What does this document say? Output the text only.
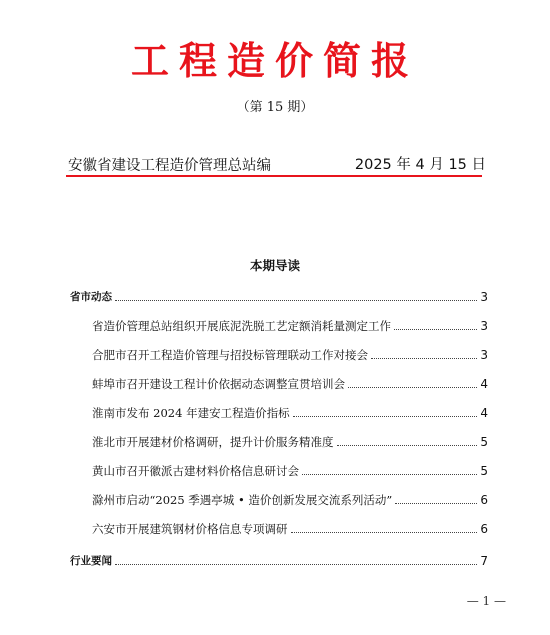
工程造价简报
（第 15 期）
安徽省建设工程造价管理总站编	2025 年 4 月 15 日
本期导读
省市动态	3
省造价管理总站组织开展底泥洗脱工艺定额消耗量测定工作	3
合肥市召开工程造价管理与招投标管理联动工作对接会	3
蚌埠市召开建设工程计价依据动态调整宣贯培训会	4
淮南市发布 2024 年建安工程造价指标	4
淮北市开展建材价格调研，提升计价服务精准度	5
黄山市召开徽派古建材料价格信息研讨会	5
滁州市启动“2025 季遇亭城 • 造价创新发展交流系列活动”	6
六安市开展建筑钢材价格信息专项调研	6
行业要闻	7
— 1 —
